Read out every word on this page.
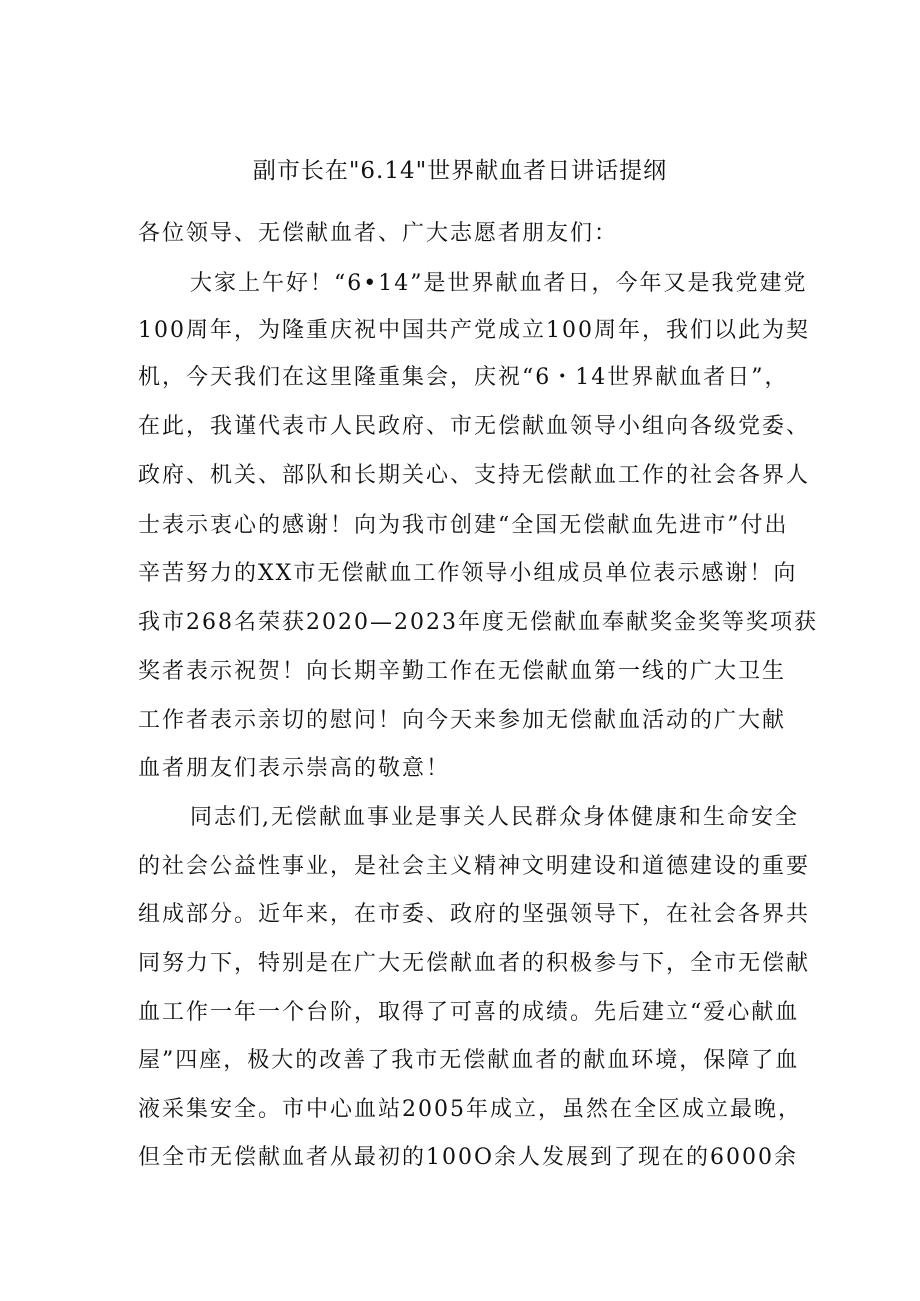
副市长在"6.14"世界献血者日讲话提纲
各位领导、无偿献血者、广大志愿者朋友们：
大家上午好！“6•14”是世界献血者日，今年又是我党建党
100周年，为隆重庆祝中国共产党成立100周年，我们以此为契
机，今天我们在这里隆重集会，庆祝“6・14世界献血者日”，
在此，我谨代表市人民政府、市无偿献血领导小组向各级党委、
政府、机关、部队和长期关心、支持无偿献血工作的社会各界人
士表示衷心的感谢！向为我市创建“全国无偿献血先进市”付出
辛苦努力的XX市无偿献血工作领导小组成员单位表示感谢！向
我市268名荣获2020—2023年度无偿献血奉献奖金奖等奖项获
奖者表示祝贺！向长期辛勤工作在无偿献血第一线的广大卫生
工作者表示亲切的慰问！向今天来参加无偿献血活动的广大献
血者朋友们表示崇高的敬意！
同志们,无偿献血事业是事关人民群众身体健康和生命安全
的社会公益性事业，是社会主义精神文明建设和道德建设的重要
组成部分。近年来，在市委、政府的坚强领导下，在社会各界共
同努力下，特别是在广大无偿献血者的积极参与下，全市无偿献
血工作一年一个台阶，取得了可喜的成绩。先后建立“爱心献血
屋”四座，极大的改善了我市无偿献血者的献血环境，保障了血
液采集安全。市中心血站2005年成立，虽然在全区成立最晚，
但全市无偿献血者从最初的100O余人发展到了现在的6000余
